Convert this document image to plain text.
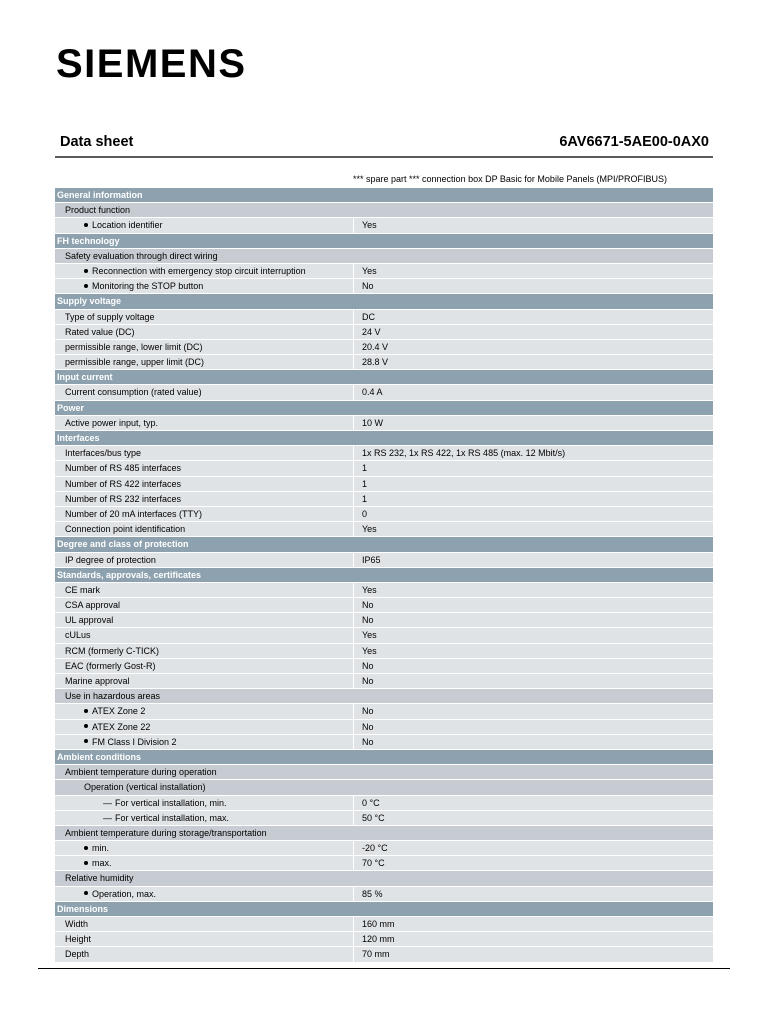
SIEMENS
Data sheet	6AV6671-5AE00-0AX0
*** spare part *** connection box DP Basic for Mobile Panels (MPI/PROFIBUS)
General information
Product function
Location identifier	Yes
FH technology
Safety evaluation through direct wiring
Reconnection with emergency stop circuit interruption	Yes
Monitoring the STOP button	No
Supply voltage
Type of supply voltage	DC
Rated value (DC)	24 V
permissible range, lower limit (DC)	20.4 V
permissible range, upper limit (DC)	28.8 V
Input current
Current consumption (rated value)	0.4 A
Power
Active power input, typ.	10 W
Interfaces
Interfaces/bus type	1x RS 232, 1x RS 422, 1x RS 485 (max. 12 Mbit/s)
Number of RS 485 interfaces	1
Number of RS 422 interfaces	1
Number of RS 232 interfaces	1
Number of 20 mA interfaces (TTY)	0
Connection point identification	Yes
Degree and class of protection
IP degree of protection	IP65
Standards, approvals, certificates
CE mark	Yes
CSA approval	No
UL approval	No
cULus	Yes
RCM (formerly C-TICK)	Yes
EAC (formerly Gost-R)	No
Marine approval	No
Use in hazardous areas
ATEX Zone 2	No
ATEX Zone 22	No
FM Class I Division 2	No
Ambient conditions
Ambient temperature during operation
Operation (vertical installation)
— For vertical installation, min.	0 °C
— For vertical installation, max.	50 °C
Ambient temperature during storage/transportation
min.	-20 °C
max.	70 °C
Relative humidity
Operation, max.	85 %
Dimensions
Width	160 mm
Height	120 mm
Depth	70 mm
